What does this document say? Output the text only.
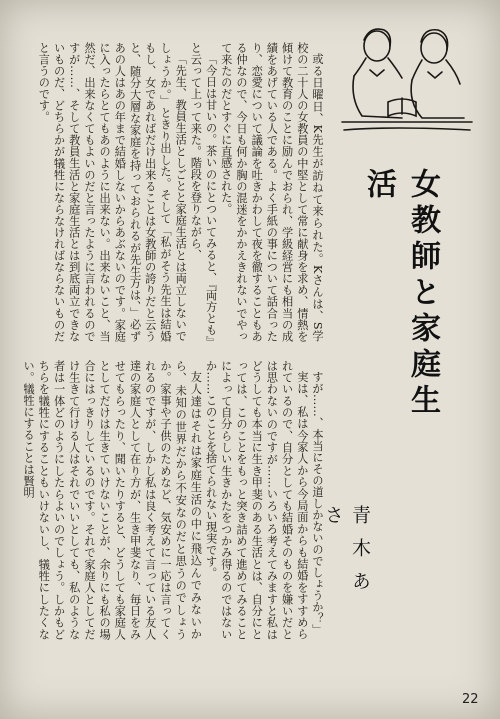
女教師と家庭生活
青木あさ

或る日曜日、K先生が訪ねて来られた。Kさんは、S学校の二十人の女教員の中堅として常に献身を求め、情熱を傾けて教育のことに励んでおられ、学級経営にも相当の成績をあげている人である。よく手紙の事について話合ったり、恋愛について議論を吐きかわして夜を徹することもある仲なので、今日も何か胸の混迷をかかえきれないでやって来たのだとすぐに直感された。

「今日は甘いの。茶いのにとついてみると、『両方とも』と云って上って来た。階段を登りながら、

「先生、教員生活としごとと家庭生活とは両立しないでしょうか。」ときり出した。そして「私がそう先生は結婚もし、女であればだけ出来ることは女教師の誇りだと云うと、随分大層な家庭を持っておられるが先生方は、」必ずあの人はあの年まで結婚しないからあぶないのです。家庭に入ったらとてもあのように出来ない。出来ないこと、当然だ、出来なくてもよいのだと言ったように言われるのですが……、そして教員生活と家庭生活とは到底両立できないものだ、どちらかが犠牲にならなければならないものだと言うのです。

すが……、本当にその道しかないのでしょうか？」

実は、私は今家人から今局面からも結婚をすすめられているので、自分としても結婚そのものを嫌いだとは思わないのですが……いろいろ考えてみますと私はどうしても本当に生き甲斐のある生活とは、自分にとっては、このことをもっと突き詰めて進めてみることによって自分らしい生きかたをつかみ得るのではないか……このことを捨てられない現実です。

友人達はそれは家庭生活の中に飛込んでみないから、未知の世界だから不安なのだと思うのでしょうか。家事や子供のためなど、気安めに一応は言ってくれるのですが、しかし私は良く考えて言っている友人達の家庭人として在り方が、生き甲斐なり、毎日をみせてもらったり、聞いたりすると、どうしても家庭人としてだけは生きていけないことが、余りにも私の場合にはっきりしているのです。それで家庭人としてだけ生きて行ける人はそれでいいとしても、私のような者は一体どのようにしたらよいのでしょう。しかもどちらを犠牲にすることもいけないし、犠牲にしたくない。犠牲にすることは賢明

22
